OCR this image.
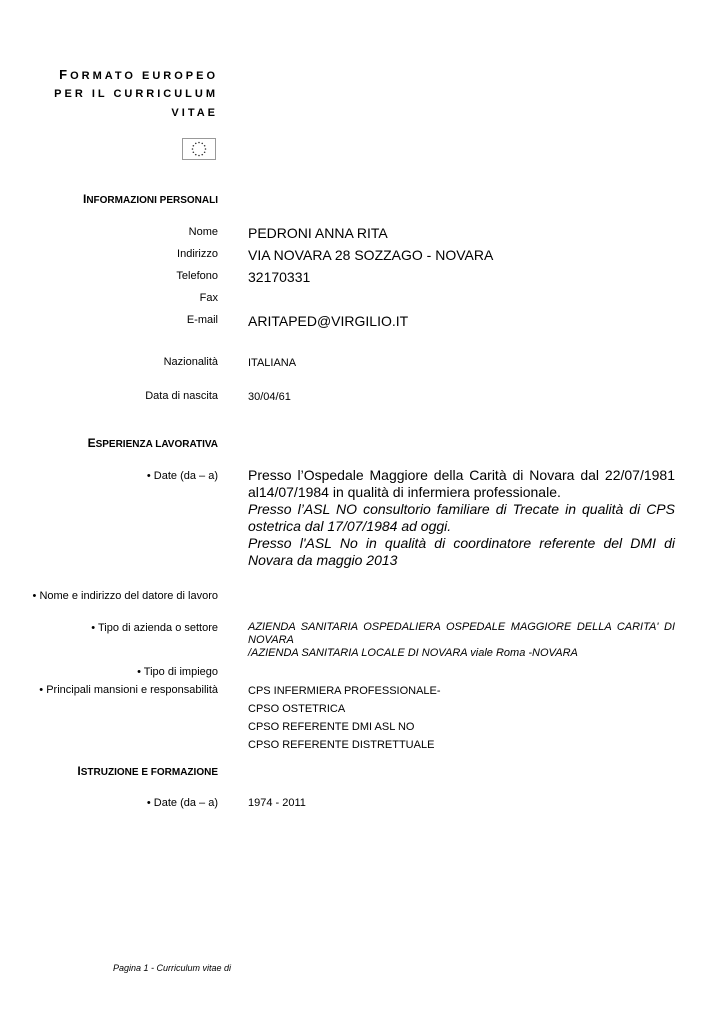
FORMATO EUROPEO
PER IL CURRICULUM
VITAE
INFORMAZIONI PERSONALI
Nome PEDRONI ANNA RITA
Indirizzo VIA NOVARA 28 SOZZAGO - NOVARA
Telefono 32170331
Fax
E-mail ARITAPED@VIRGILIO.IT
Nazionalità	ITALIANA
Data di nascita	30/04/61
ESPERIENZA LAVORATIVA
• Date (da – a) Presso l’Ospedale Maggiore della Carità di Novara dal 22/07/1981 al14/07/1984 in qualità di infermiera professionale.

Presso l’ASL NO consultorio familiare di Trecate in qualità di CPS ostetrica dal 17/07/1984 ad oggi.

Presso l'ASL No in qualità di coordinatore referente del DMI di Novara da maggio 2013

• Nome e indirizzo del datore di lavoro
• Tipo di azienda o settore	AZIENDA SANITARIA OSPEDALIERA OSPEDALE MAGGIORE DELLA CARITA' DI NOVARA

/AZIENDA SANITARIA LOCALE DI NOVARA viale Roma -NOVARA

• Tipo di impiego
• Principali mansioni e responsabilità	CPS INFERMIERA PROFESSIONALE-
CPSO OSTETRICA
CPSO REFERENTE DMI ASL NO
CPSO REFERENTE DISTRETTUALE
ISTRUZIONE E FORMAZIONE
• Date (da – a)	1974 - 2011
Pagina 1 - Curriculum vitae di
